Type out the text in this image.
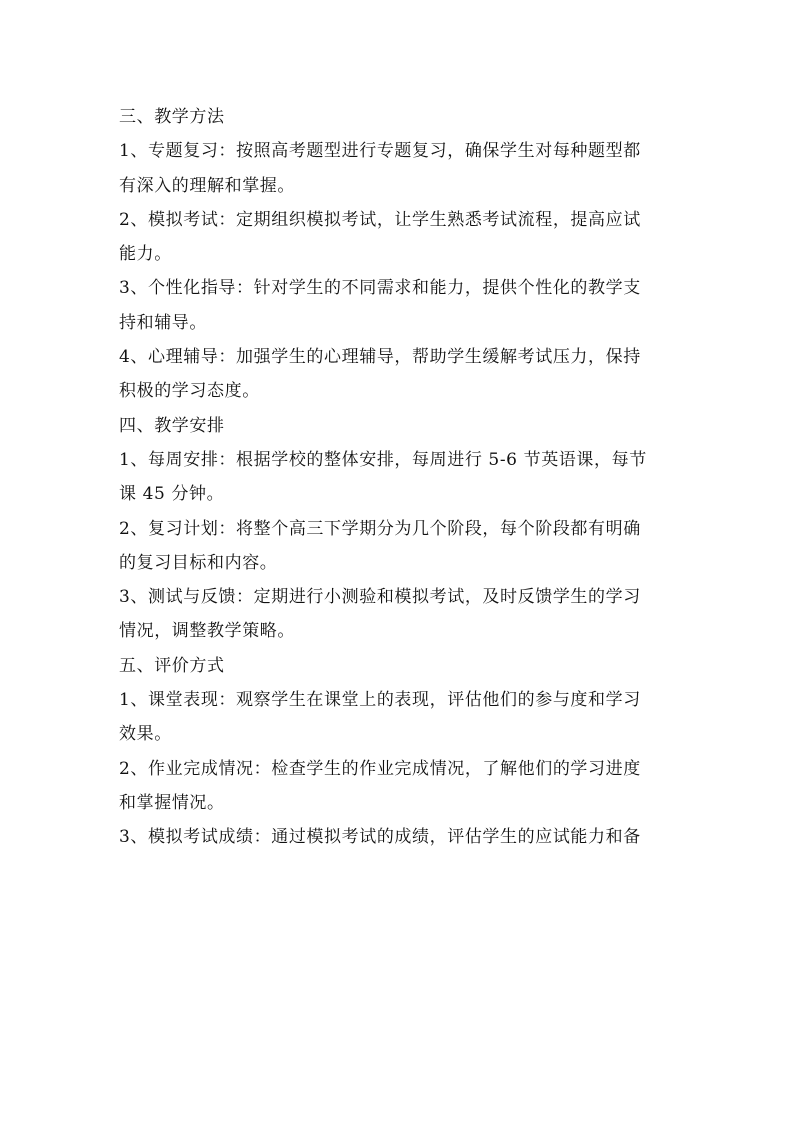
三、教学方法
1、专题复习：按照高考题型进行专题复习，确保学生对每种题型都
有深入的理解和掌握。
2、模拟考试：定期组织模拟考试，让学生熟悉考试流程，提高应试
能力。
3、个性化指导：针对学生的不同需求和能力，提供个性化的教学支
持和辅导。
4、心理辅导：加强学生的心理辅导，帮助学生缓解考试压力，保持
积极的学习态度。
四、教学安排
1、每周安排：根据学校的整体安排，每周进行 5-6 节英语课，每节
课 45 分钟。
2、复习计划：将整个高三下学期分为几个阶段，每个阶段都有明确
的复习目标和内容。
3、测试与反馈：定期进行小测验和模拟考试，及时反馈学生的学习
情况，调整教学策略。
五、评价方式
1、课堂表现：观察学生在课堂上的表现，评估他们的参与度和学习
效果。
2、作业完成情况：检查学生的作业完成情况，了解他们的学习进度
和掌握情况。
3、模拟考试成绩：通过模拟考试的成绩，评估学生的应试能力和备
